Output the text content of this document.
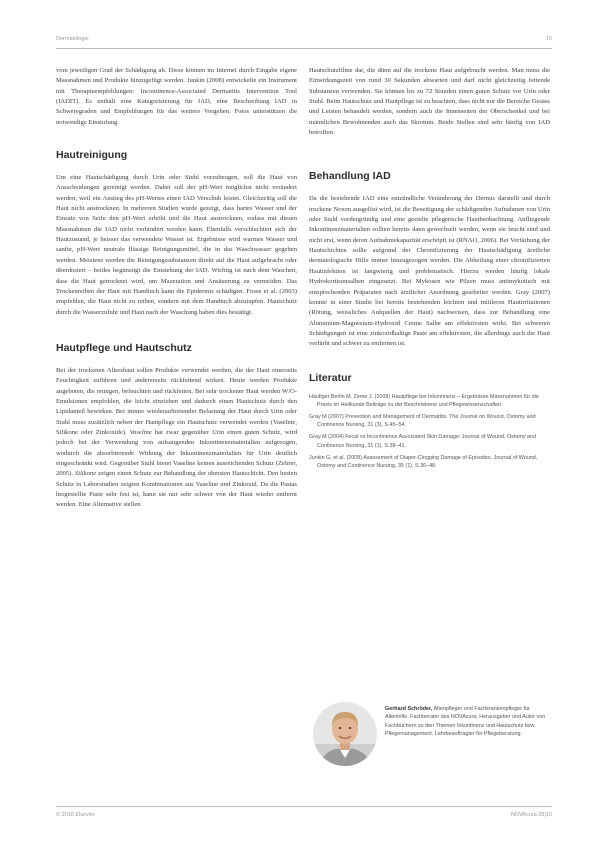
Dermatologie	15

vom jeweiligen Grad der Schädigung ab. Diese können im Internet durch Eingabe eigene Massnahmen und Produkte hinzugefügt werden. Junkin (2008) entwickelte ein Instrument mit Therapieempfehlungen: Incontinence-Associated Dermatitis Intervention Tool (IADIT). Es enthält eine Kategorisierung für IAD, eine Beschreibung IAD in Schweregraden und Empfehlungen für das weitere Vorgehen. Fotos unterstützen die notwendige Einstufung.

Hautreinigung

Um eine Hautschädigung durch Urin oder Stuhl vorzubeugen, soll die Haut von Ausscheidungen gereinigt werden. Dabei soll der pH-Wert möglichst nicht verändert werden, weil ein Anstieg des pH-Wertes einen IAD Verschub leistet. Gleichzeitig soll die Haut nicht austrocknen. In mehreren Studien wurde gezeigt, dass hartes Wasser und der Einsatz von Seife den pH-Wert erhöht und die Haut austrocknen, sodass mit diesen Massnahmen die IAD nicht verhindert werden kann. Ebenfalls verschlechtert sich der Hautzustand, je heisser das verwendete Wasser ist. Ergebnisse wird warmes Wasser und sanfte, pH-Wert neutrale flüssige Reinigungsmittel, die in das Waschwasser gegeben werden. Meistens werden die Reinigungssubstanzen direkt auf die Haut aufgebracht oder überdosiert – beides begünstigt die Entstehung der IAD. Wichtig ist nach dem Waschen, dass die Haut getrocknet wird, um Mazeration und Ansäuerung zu vermeiden. Das Trockenreiben der Haut mit Handtuch kann die Epidermis schädigen. Fosse et al. (2003) empfehlen, die Haut nicht zu reiben, sondern mit dem Handtuch abzutupfen. Hautschutz durch die Wasserzufuhr und Haut nach der Waschung haben dies bestätigt.

Hautpflege und Hautschutz

Bei der trockenen Altershaut sollen Produkte verwendet werden, die der Haut einerseits Feuchtigkeit zuführen und andererseits rückfettend wirken. Heute werden Produkte angeboten, die reinigen, befeuchten und rückfetten. Bei sehr trockener Haut werden W/O-Emulsionen empfohlen, die leicht einziehen und dadurch einen Hautschutz durch den Lipidanteil bewirken. Bei immer wiederauftretender Belastung der Haut durch Urin oder Stuhl muss zusätzlich neben der Hautpflege ein Hautschutz verwendet werden (Vaseline, Silikone oder Zinkoxide). Vaseline hat zwar gegenüber Urin einen guten Schutz, wird jedoch bei der Verwendung von aufsaugenden Inkontinenzmaterialien aufgesogen, wodurch die absorbierende Wirkung der Inkontinenzmaterialien für Urin deutlich eingeschränkt wird. Gegenüber Stuhl bietet Vaseline keinen ausreichenden Schutz (Zehrer, 2005). Silikone zeigen einen Schutz zur Behandlung der obersten Hautschicht. Den besten Schutz in Laborstudien zeigten Kombinationen aus Vaseline und Zinkoxid. Da die Pastas hergestellte Paste sehr fest ist, kann sie nur sehr schwer von der Haut wieder entfernt werden. Eine Alternative stellen

Hautschutzfilme dar, die dünn auf die trockene Haut aufgebracht werden. Man muss die Einwirkungszeit von rund 30 Sekunden abwarten und darf nicht gleichzeitig fettende Substanzen verwenden. Sie können bis zu 72 Stunden einen guten Schutz vor Urin oder Stuhl. Beim Hautschutz und Hautpflege ist zu beachten, dass nicht nur die Bereiche Gesäss und Leisten behandelt werden, sondern auch die Innenseiten der Oberschenkel und bei männlichen Bewohnenden auch das Skrotum. Beide Stellen sind sehr häufig von IAD betroffen.

Behandlung IAD

Da die bestehende IAD eine entzündliche Veränderung der Dermis darstellt und durch trockene Noxen ausgelöst wird, ist die Beseitigung der schädigenden Aufnahmen von Urin oder Stuhl vordergründig und eine gezielte pflegerische Hautbeobachtung. Anfliegende Inkontinenzmaterialien sollten bereits dann gewechselt werden, wenn sie feucht sind und nicht erst, wenn deren Aufnahmekapazität erschöpft ist (RNAO, 2006). Bei Verfärbung der Hautschichten sollte aufgrund der Chronifizierung der Hautschädigung ärztliche dermatologische Hilfe immer hinzugezogen werden. Die Abheilung einer chronifizierten Hautinfektion ist langwierig und problematisch. Hierzu werden häufig lokale Hydrokortisonsalben eingesetzt. Bei Mykosen wie Pilzen muss antimykotisch mit entsprechenden Präparaten nach ärztlicher Anordnung gearbeitet werden. Gray (2007) konnte in einer Studie bei bereits bestehenden leichten und mittleren Hautirritationen (Rötung, weissliches Aufquellen der Haut) nachweisen, dass zur Behandlung eine Aluminium-Magnesium-Hydroxid Creme Salbe am effektivsten wirkt. Bei schweren Schädigungen ist eine zinkoxidhaltige Paste am effektivsten, die allerdings auch die Haut verfärbt und schwer zu entfernen ist.

Literatur

Häufiger Berlin M. Zeme J. (2008) Hautpflege bei Inkontinenz – Ergebnisse Massnahmen für die Praxis im Heilkunde Beiträge zu der Beschriebene und Pflegewissenschaften.

Gray M (2007) Prevention and Management of Dermatitis. The Journal on Wound, Ostomy and Continence Nursing, 31 (3), S.45–54.

Gray M (2004) Fecal vs Incontinence Associated Skin Damage: Journal of Wound, Ostomy and Continence Nursing, 31 (1), S.38–41.

Junkin G, et al. (2008) Assessment of Diaper-Clogging Damage of Episodes. Journal of Wound, Ostomy and Continence Nursing, 35 (1), S.36–48.

Gerhard Schröder, Altenpfleger und Fachkrankenpfleger für Altenhilfe. Fachberater des NOVAcura, Herausgeber und Autor von Fachbüchern zu den Themen Inkontinenz und Hautschutz bzw. Pflegemanagement. Lehrbeauftragter für Pflegeberatung.
© 2010 Elsevier	NOVAcura 05|10
